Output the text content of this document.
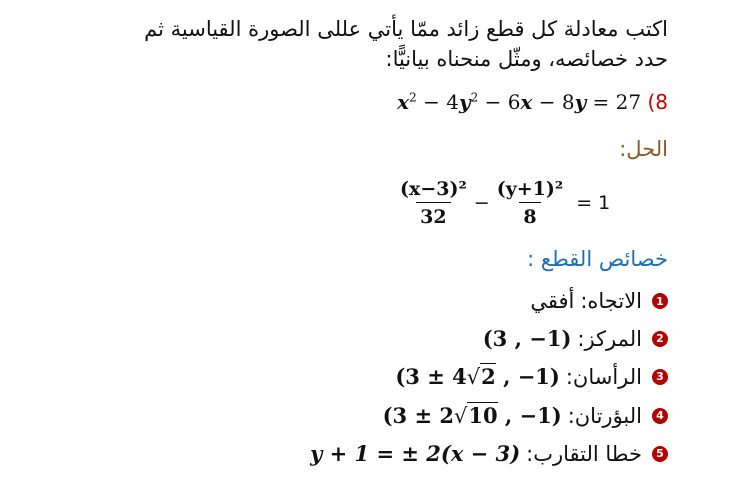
اكتب معادلة كل قطع زائد ممّا يأتي عللى الصورة القياسية ثم
حدد خصائصه، ومثّل منحناه بيانيًّا:
$x^2 - 4y^2 - 6x - 8y = 27$ (8
الحل:
$\frac{\text{(x−3)²}}{32} - \frac{\text{(y+1)²}}{8} = 1$
خصائص القطع :
1
الاتجاه:
أفقي
2
المركز:
(3 , −1)
3
الرأسان:
(3 ± 4√2 , −1)
4
البؤرتان:
(3 ± 2√10 , −1)
5
خطا التقارب:
y + 1 = ± 2(x − 3)
